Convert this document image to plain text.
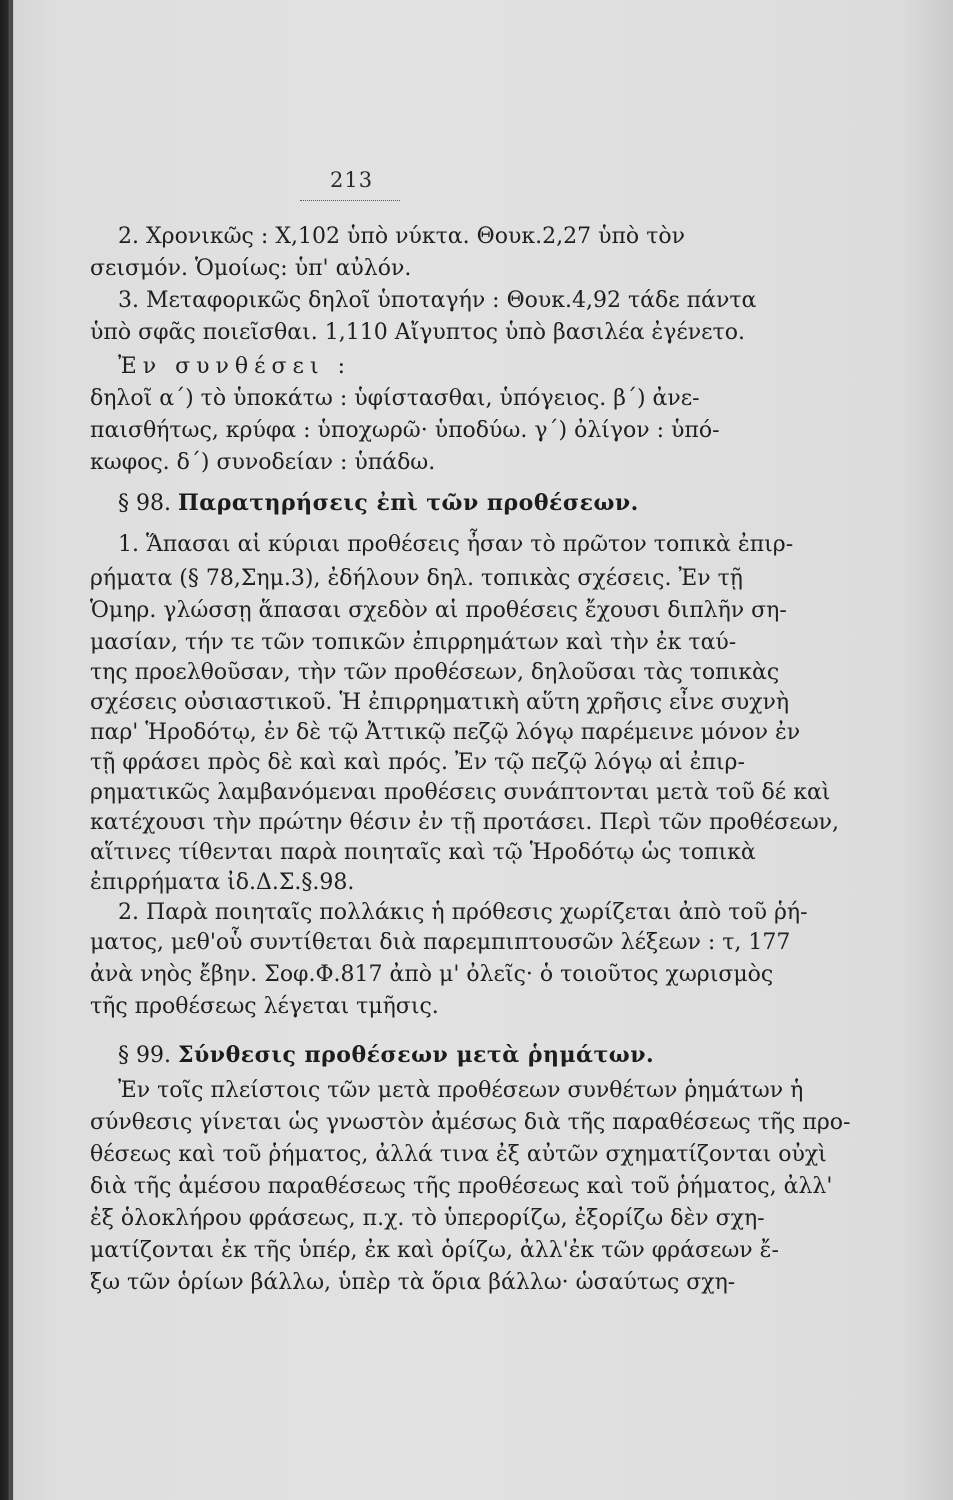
213
2. Χρονικῶς : Χ,102 ὑπὸ νύκτα. Θουκ.2,27 ὑπὸ τὸν
σεισμόν. Ὁμοίως: ὑπ' αὐλόν.
3. Μεταφορικῶς δηλοῖ ὑποταγήν : Θουκ.4,92 τάδε πάντα
ὑπὸ σφᾶς ποιεῖσθαι. 1,110 Αἴγυπτος ὑπὸ βασιλέα ἐγένετο.
Ἐν συνθέσει :
δηλοῖ α΄) τὸ ὑποκάτω : ὑφίστασθαι, ὑπόγειος. β΄) ἀνε-
παισθήτως, κρύφα : ὑποχωρῶ· ὑποδύω. γ΄) ὀλίγον : ὑπό-
κωφος. δ΄) συνοδείαν : ὑπάδω.
§ 98. Παρατηρήσεις ἐπὶ τῶν προθέσεων.
1. Ἅπασαι αἱ κύριαι προθέσεις ἦσαν τὸ πρῶτον τοπικὰ ἐπιρ-
ρήματα (§ 78,Σημ.3), ἐδήλουν δηλ. τοπικὰς σχέσεις. Ἐν τῇ
Ὁμηρ. γλώσσῃ ἅπασαι σχεδὸν αἱ προθέσεις ἔχουσι διπλῆν ση-
μασίαν, τήν τε τῶν τοπικῶν ἐπιρρημάτων καὶ τὴν ἐκ ταύ-
της προελθοῦσαν, τὴν τῶν προθέσεων, δηλοῦσαι τὰς τοπικὰς
σχέσεις οὐσιαστικοῦ. Ἡ ἐπιρρηματικὴ αὕτη χρῆσις εἶνε συχνὴ
παρ' Ἡροδότῳ, ἐν δὲ τῷ Ἀττικῷ πεζῷ λόγῳ παρέμεινε μόνον ἐν
τῇ φράσει πρὸς δὲ καὶ καὶ πρός. Ἐν τῷ πεζῷ λόγῳ αἱ ἐπιρ-
ρηματικῶς λαμβανόμεναι προθέσεις συνάπτονται μετὰ τοῦ δέ καὶ
κατέχουσι τὴν πρώτην θέσιν ἐν τῇ προτάσει. Περὶ τῶν προθέσεων,
αἵτινες τίθενται παρὰ ποιηταῖς καὶ τῷ Ἡροδότῳ ὡς τοπικὰ
ἐπιρρήματα ἰδ.Δ.Σ.§.98.
2. Παρὰ ποιηταῖς πολλάκις ἡ πρόθεσις χωρίζεται ἀπὸ τοῦ ῥή-
ματος, μεθ'οὗ συντίθεται διὰ παρεμπιπτουσῶν λέξεων : τ, 177
ἀνὰ νηὸς ἔβην. Σοφ.Φ.817 ἀπὸ μ' ὀλεῖς· ὁ τοιοῦτος χωρισμὸς
τῆς προθέσεως λέγεται τμῆσις.
§ 99. Σύνθεσις προθέσεων μετὰ ῥημάτων.
Ἐν τοῖς πλείστοις τῶν μετὰ προθέσεων συνθέτων ῥημάτων ἡ
σύνθεσις γίνεται ὡς γνωστὸν ἀμέσως διὰ τῆς παραθέσεως τῆς προ-
θέσεως καὶ τοῦ ῥήματος, ἀλλά τινα ἐξ αὐτῶν σχηματίζονται οὐχὶ
διὰ τῆς ἀμέσου παραθέσεως τῆς προθέσεως καὶ τοῦ ῥήματος, ἀλλ'
ἐξ ὁλοκλήρου φράσεως, π.χ. τὸ ὑπερορίζω, ἐξορίζω δὲν σχη-
ματίζονται ἐκ τῆς ὑπέρ, ἐκ καὶ ὁρίζω, ἀλλ'ἐκ τῶν φράσεων ἔ-
ξω τῶν ὁρίων βάλλω, ὑπὲρ τὰ ὅρια βάλλω· ὡσαύτως σχη-
